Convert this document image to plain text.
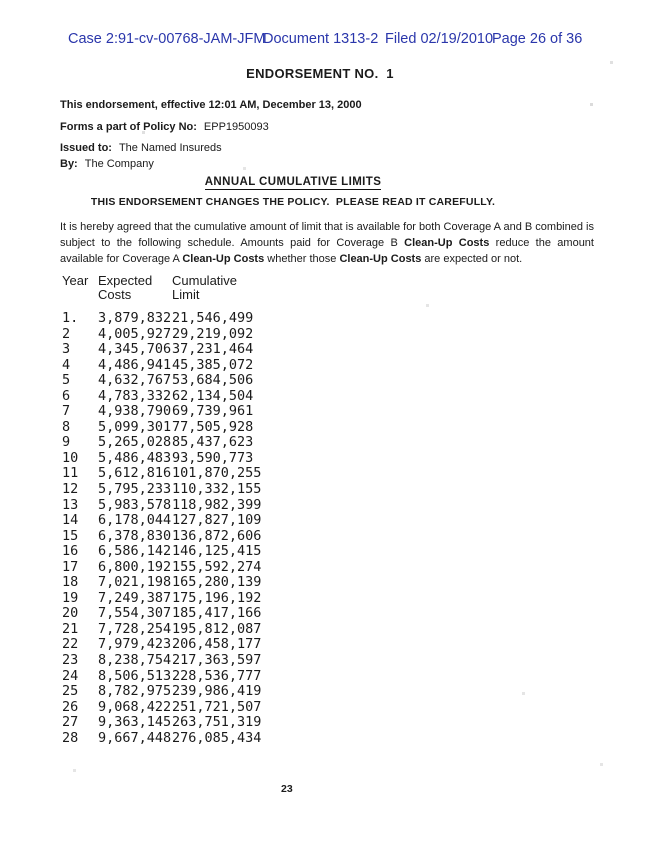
Case 2:91-cv-00768-JAM-JFM
Document 1313-2 Filed 02/19/2010
Page 26 of 36
ENDORSEMENT NO.  1
This endorsement, effective 12:01 AM, December 13, 2000
Forms a part of Policy No: EPP1950093
Issued to: The Named Insureds
By: The Company
ANNUAL CUMULATIVE LIMITS
THIS ENDORSEMENT CHANGES THE POLICY.  PLEASE READ IT CAREFULLY.
It is hereby agreed that the cumulative amount of limit that is available for both Coverage A and B combined is subject to the following schedule. Amounts paid for Coverage B Clean-Up Costs reduce the amount available for Coverage A Clean-Up Costs whether those Clean-Up Costs are expected or not.
Year Expected
Costs
Cumulative
Limit
1.	3,879,832 21,546,499
2	4,005,927 29,219,092
3	4,345,706 37,231,464
4	4,486,941 45,385,072
5	4,632,767 53,684,506
6	4,783,332 62,134,504
7	4,938,790 69,739,961
8	5,099,301 77,505,928
9	5,265,028 85,437,623
10	5,486,483 93,590,773
11	5,612,816 101,870,255
12	5,795,233 110,332,155
13	5,983,578 118,982,399
14	6,178,044 127,827,109
15	6,378,830 136,872,606
16	6,586,142 146,125,415
17	6,800,192 155,592,274
18	7,021,198 165,280,139
19	7,249,387 175,196,192
20	7,554,307 185,417,166
21	7,728,254 195,812,087
22	7,979,423 206,458,177
23	8,238,754 217,363,597
24	8,506,513 228,536,777
25	8,782,975 239,986,419
26	9,068,422 251,721,507
27	9,363,145 263,751,319
28	9,667,448 276,085,434
23
